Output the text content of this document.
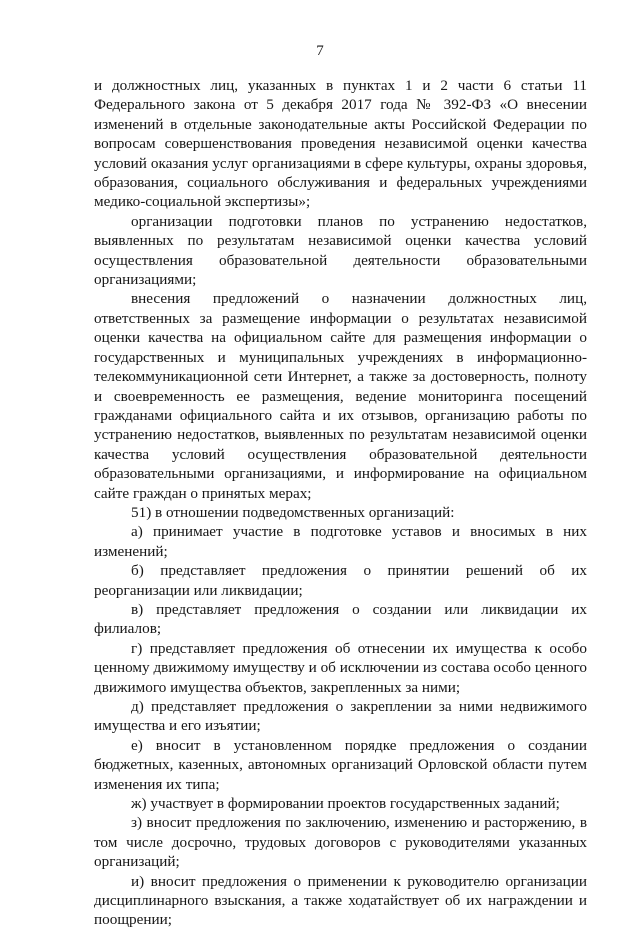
7

и должностных лиц, указанных в пунктах 1 и 2 части 6 статьи 11 Федерального закона от 5 декабря 2017 года № 392-ФЗ «О внесении изменений в отдельные законодательные акты Российской Федерации по вопросам совершенствования проведения независимой оценки качества условий оказания услуг организациями в сфере культуры, охраны здоровья, образования, социального обслуживания и федеральных учреждениями медико-социальной экспертизы»;

организации подготовки планов по устранению недостатков, выявленных по результатам независимой оценки качества условий осуществления образовательной деятельности образовательными организациями;

внесения предложений о назначении должностных лиц, ответственных за размещение информации о результатах независимой оценки качества на официальном сайте для размещения информации о государственных и муниципальных учреждениях в информационно-телекоммуникационной сети Интернет, а также за достоверность, полноту и своевременность ее размещения, ведение мониторинга посещений гражданами официального сайта и их отзывов, организацию работы по устранению недостатков, выявленных по результатам независимой оценки качества условий осуществления образовательной деятельности образовательными организациями, и информирование на официальном сайте граждан о принятых мерах;

51) в отношении подведомственных организаций:

а) принимает участие в подготовке уставов и вносимых в них изменений;

б) представляет предложения о принятии решений об их реорганизации или ликвидации;

в) представляет предложения о создании или ликвидации их филиалов;

г) представляет предложения об отнесении их имущества к особо ценному движимому имуществу и об исключении из состава особо ценного движимого имущества объектов, закрепленных за ними;

д) представляет предложения о закреплении за ними недвижимого имущества и его изъятии;

е) вносит в установленном порядке предложения о создании бюджетных, казенных, автономных организаций Орловской области путем изменения их типа;

ж) участвует в формировании проектов государственных заданий;

з) вносит предложения по заключению, изменению и расторжению, в том числе досрочно, трудовых договоров с руководителями указанных организаций;

и) вносит предложения о применении к руководителю организации дисциплинарного взыскания, а также ходатайствует об их награждении и поощрении;
